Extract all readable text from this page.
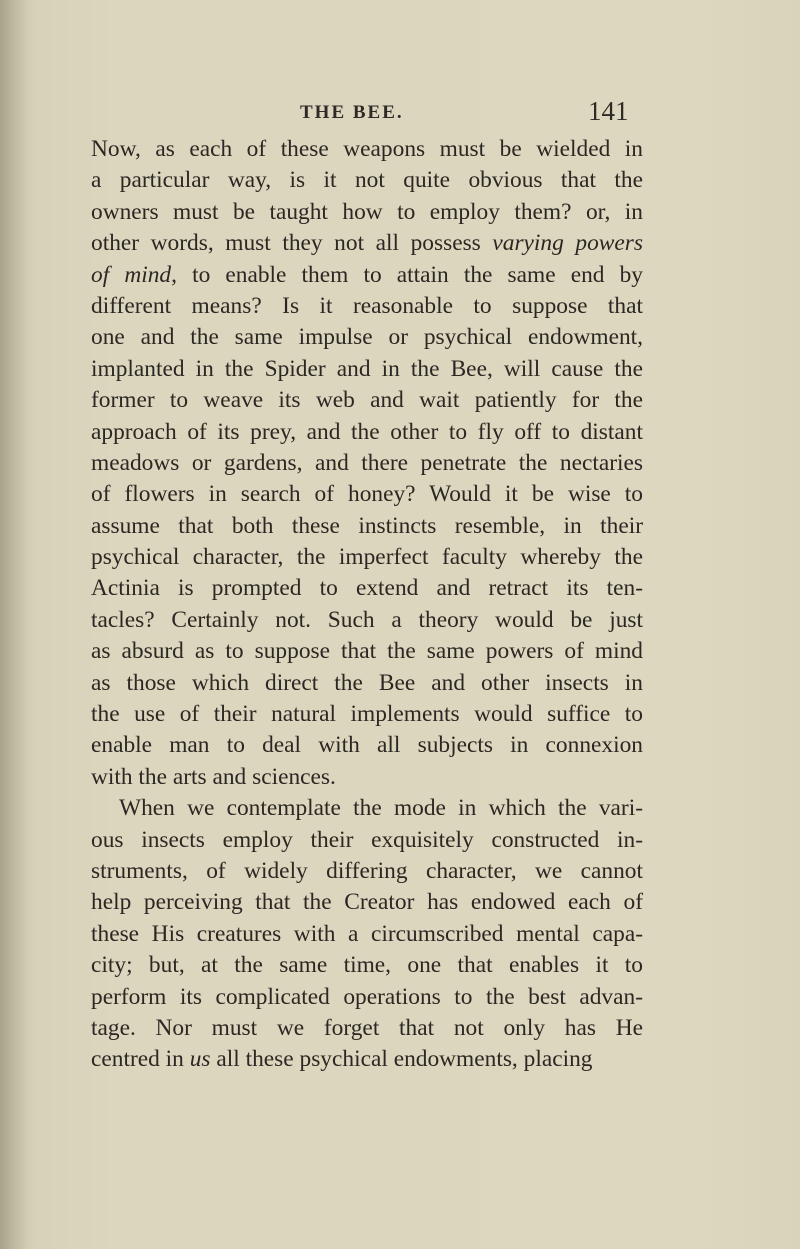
THE BEE.	141
Now, as each of these weapons must be wielded in
a particular way, is it not quite obvious that the
owners must be taught how to employ them? or, in
other words, must they not all possess varying powers
of mind, to enable them to attain the same end by
different means? Is it reasonable to suppose that
one and the same impulse or psychical endowment,
implanted in the Spider and in the Bee, will cause the
former to weave its web and wait patiently for the
approach of its prey, and the other to fly off to distant
meadows or gardens, and there penetrate the nectaries
of flowers in search of honey? Would it be wise to
assume that both these instincts resemble, in their
psychical character, the imperfect faculty whereby the
Actinia is prompted to extend and retract its ten-
tacles? Certainly not. Such a theory would be just
as absurd as to suppose that the same powers of mind
as those which direct the Bee and other insects in
the use of their natural implements would suffice to
enable man to deal with all subjects in connexion
with the arts and sciences.
When we contemplate the mode in which the vari-
ous insects employ their exquisitely constructed in-
struments, of widely differing character, we cannot
help perceiving that the Creator has endowed each of
these His creatures with a circumscribed mental capa-
city; but, at the same time, one that enables it to
perform its complicated operations to the best advan-
tage. Nor must we forget that not only has He
centred in us all these psychical endowments, placing
